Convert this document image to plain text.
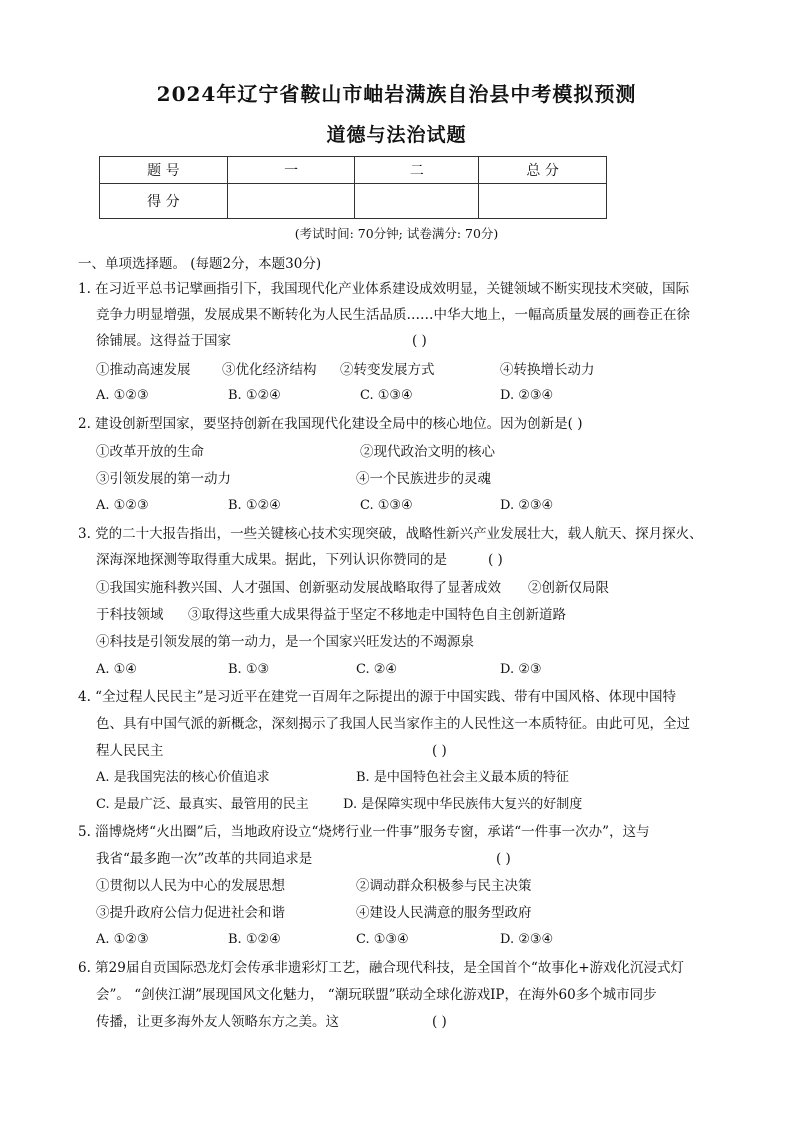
2024年辽宁省鞍山市岫岩满族自治县中考模拟预测
道德与法治试题
题 号	一	二	总 分
得 分			
(考试时间: 70分钟; 试卷满分: 70分)
一、单项选择题。 (每题2分，本题30分)
1. 在习近平总书记擘画指引下，我国现代化产业体系建设成效明显，关键领域不断实现技术突破，国际
竞争力明显增强，发展成果不断转化为人民生活品质……中华大地上，一幅高质量发展的画卷正在徐
徐铺展。这得益于国家	( )
①推动高速发展 ③优化经济结构 ②转变发展方式	④转换增长动力
A. ①②③	B. ①②④	C. ①③④	D. ②③④
2. 建设创新型国家，要坚持创新在我国现代化建设全局中的核心地位。因为创新是( )
①改革开放的生命	②现代政治文明的核心
③引领发展的第一动力	④一个民族进步的灵魂
A. ①②③	B. ①②④	C. ①③④	D. ②③④
3. 党的二十大报告指出，一些关键核心技术实现突破，战略性新兴产业发展壮大，载人航天、探月探火、
深海深地探测等取得重大成果。据此，下列认识你赞同的是	( )
①我国实施科教兴国、人才强国、创新驱动发展战略取得了显著成效 ②创新仅局限
于科技领域 ③取得这些重大成果得益于坚定不移地走中国特色自主创新道路
④科技是引领发展的第一动力，是一个国家兴旺发达的不竭源泉
A. ①④	B. ①③	C. ②④	D. ②③
4. “全过程人民民主”是习近平在建党一百周年之际提出的源于中国实践、带有中国风格、体现中国特
色、具有中国气派的新概念，深刻揭示了我国人民当家作主的人民性这一本质特征。由此可见，全过
程人民民主	( )
A. 是我国宪法的核心价值追求	B. 是中国特色社会主义最本质的特征
C. 是最广泛、最真实、最管用的民主	D. 是保障实现中华民族伟大复兴的好制度
5. 淄博烧烤“火出圈”后，当地政府设立“烧烤行业一件事”服务专窗，承诺“一件事一次办”，这与
我省“最多跑一次”改革的共同追求是	( )
①贯彻以人民为中心的发展思想	②调动群众积极参与民主决策
③提升政府公信力促进社会和谐	④建设人民满意的服务型政府
A. ①②③	B. ①②④	C. ①③④	D. ②③④
6. 第29届自贡国际恐龙灯会传承非遗彩灯工艺，融合现代科技，是全国首个“故事化+游戏化沉浸式灯
会”。 “剑侠江湖”展现国风文化魅力， “潮玩联盟”联动全球化游戏IP，在海外60多个城市同步
传播，让更多海外友人领略东方之美。这	( )
